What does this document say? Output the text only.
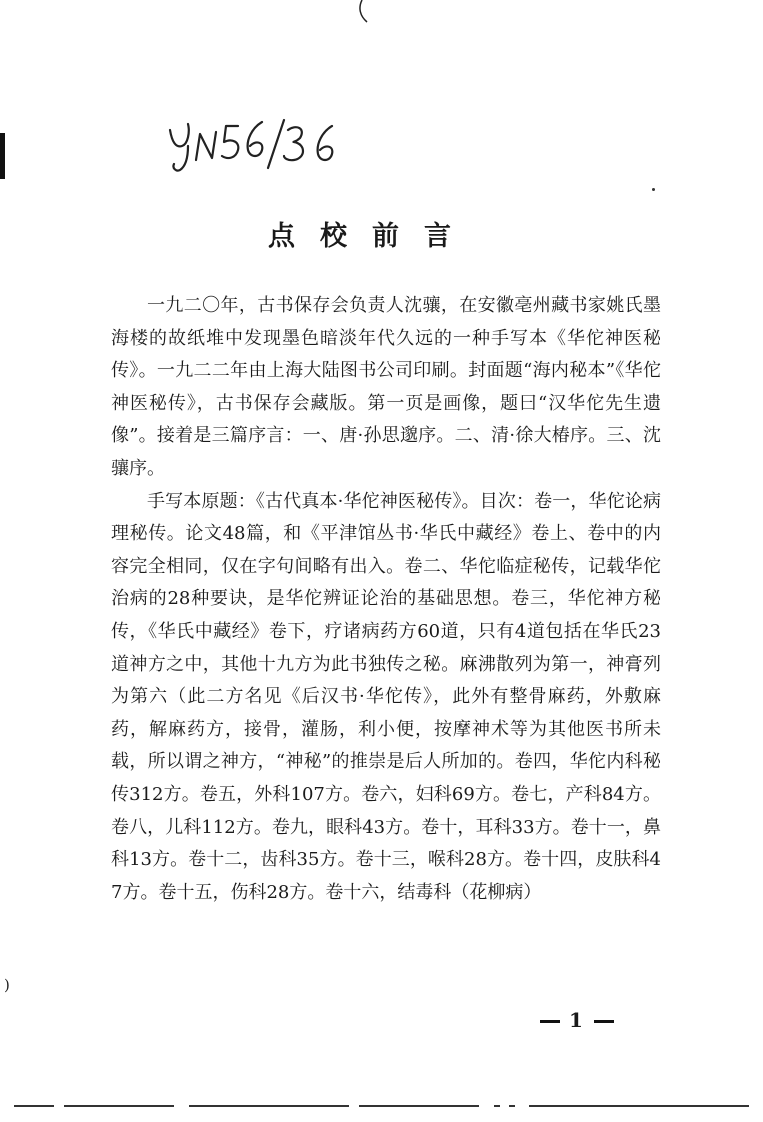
点校前言

一九二〇年，古书保存会负责人沈骧，在安徽亳州藏书家姚氏墨海楼的故纸堆中发现墨色暗淡年代久远的一种手写本《华佗神医秘传》。一九二二年由上海大陆图书公司印刷。封面题“海内秘本”《华佗神医秘传》，古书保存会藏版。第一页是画像，题曰“汉华佗先生遗像”。接着是三篇序言：一、唐·孙思邈序。二、清·徐大椿序。三、沈骧序。

手写本原题：《古代真本·华佗神医秘传》。目次：卷一，华佗论病理秘传。论文48篇，和《平津馆丛书·华氏中藏经》卷上、卷中的内容完全相同，仅在字句间略有出入。卷二、华佗临症秘传，记载华佗治病的28种要诀，是华佗辨证论治的基础思想。卷三，华佗神方秘传，《华氏中藏经》卷下，疗诸病药方60道，只有4道包括在华氏23道神方之中，其他十九方为此书独传之秘。麻沸散列为第一，神膏列为第六（此二方名见《后汉书·华佗传》，此外有整骨麻药，外敷麻药，解麻药方，接骨，灌肠，利小便，按摩神术等为其他医书所未载，所以谓之神方，“神秘”的推崇是后人所加的。卷四，华佗内科秘传312方。卷五，外科107方。卷六，妇科69方。卷七，产科84方。卷八，儿科112方。卷九，眼科43方。卷十，耳科33方。卷十一，鼻科13方。卷十二，齿科35方。卷十三，喉科28方。卷十四，皮肤科47方。卷十五，伤科28方。卷十六，结毒科（花柳病）

)
1
